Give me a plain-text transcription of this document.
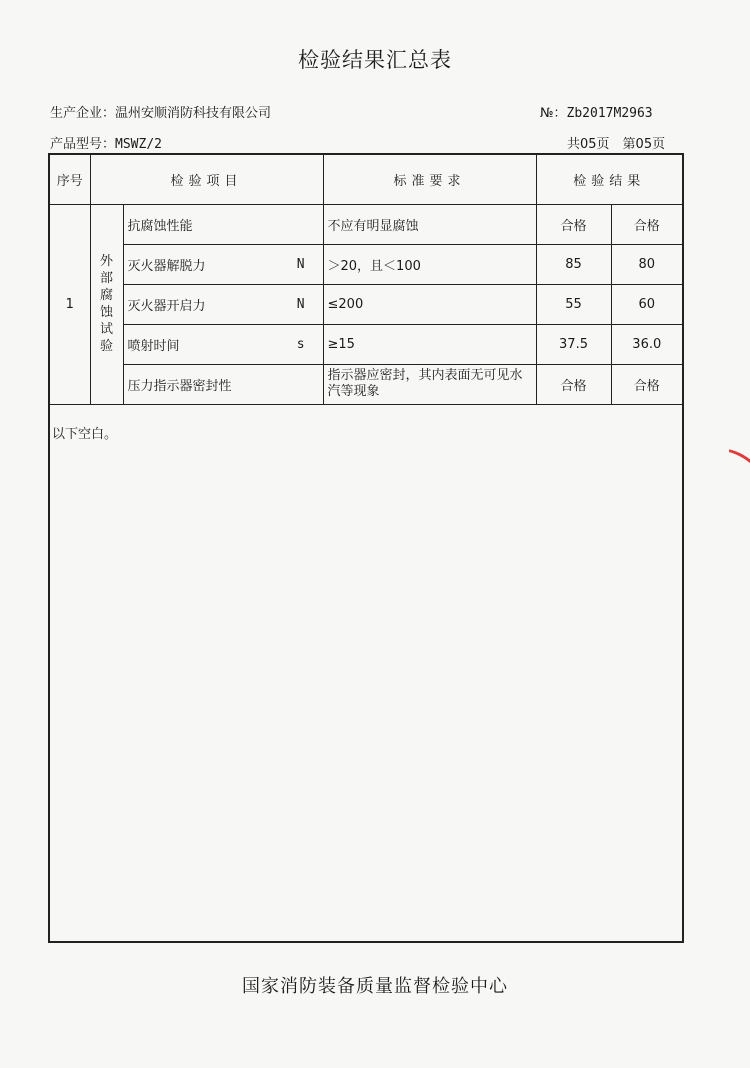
检验结果汇总表
生产企业：温州安顺消防科技有限公司	№：Zb2017M2963
产品型号：MSWZ/2	共05页　第05页
序号	检验项目		标准要求	检验结果	
1	外部腐蚀试验	抗腐蚀性能	不应有明显腐蚀	合格	合格

		灭火器解脱力 N	＞20，且＜100	85	80

		灭火器开启力 N	≤200	55	60

		喷射时间 s	≥15	37.5	36.0

		压力指示器密封性	指示器应密封，其内表面无可见水汽等现象	合格	合格
以下空白。
国家消防装备质量监督检验中心
